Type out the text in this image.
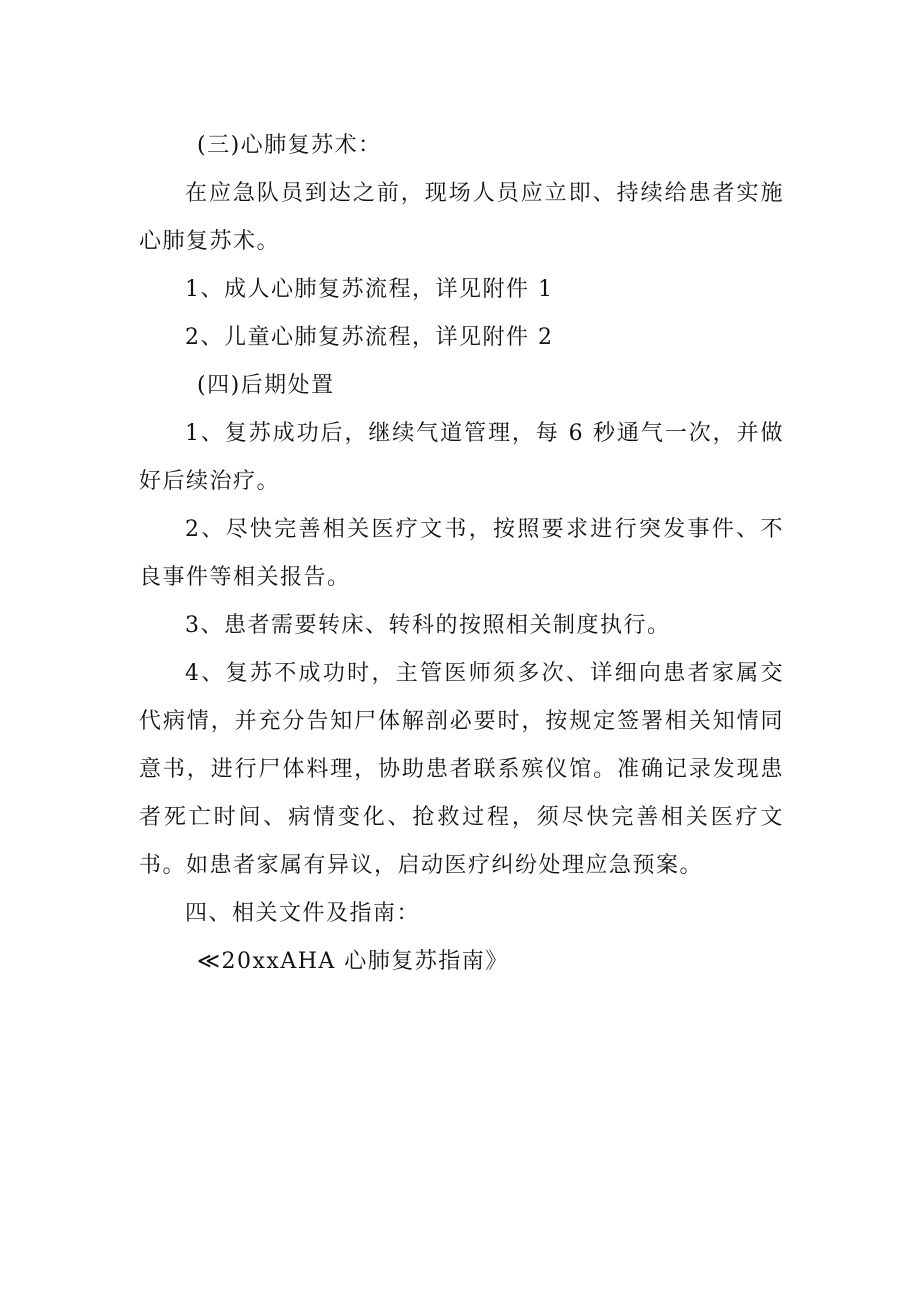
(三)心肺复苏术：

在应急队员到达之前，现场人员应立即、持续给患者实施心肺复苏术。

1、成人心肺复苏流程，详见附件 1

2、儿童心肺复苏流程，详见附件 2

(四)后期处置

1、复苏成功后，继续气道管理，每 6 秒通气一次，并做好后续治疗。

2、尽快完善相关医疗文书，按照要求进行突发事件、不良事件等相关报告。

3、患者需要转床、转科的按照相关制度执行。

4、复苏不成功时，主管医师须多次、详细向患者家属交代病情，并充分告知尸体解剖必要时，按规定签署相关知情同意书，进行尸体料理，协助患者联系殡仪馆。准确记录发现患者死亡时间、病情变化、抢救过程，须尽快完善相关医疗文书。如患者家属有异议，启动医疗纠纷处理应急预案。

四、相关文件及指南：

≪20xxAHA 心肺复苏指南》
